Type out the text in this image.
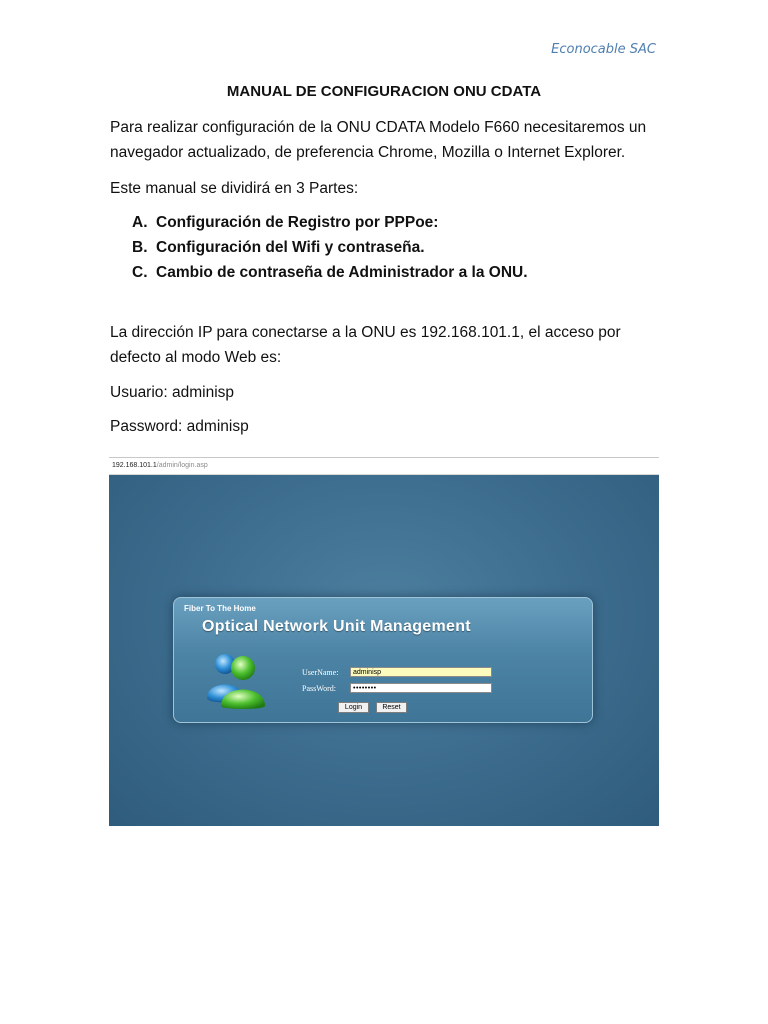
Econocable SAC
MANUAL DE CONFIGURACION ONU CDATA

Para realizar configuración de la ONU CDATA Modelo F660 necesitaremos un navegador actualizado, de preferencia Chrome, Mozilla o Internet Explorer.

Este manual se dividirá en 3 Partes:

A. Configuración de Registro por PPPoe:
B. Configuración del Wifi y contraseña.
C. Cambio de contraseña de Administrador a la ONU.

La dirección IP para conectarse a la ONU es 192.168.101.1, el acceso por defecto al modo Web es:

Usuario: adminisp

Password: adminisp

192.168.101.1/admin/login.asp
Fiber To The Home
Optical Network Unit Management
UserName:	adminisp
PassWord:	••••••••
Login	Reset
